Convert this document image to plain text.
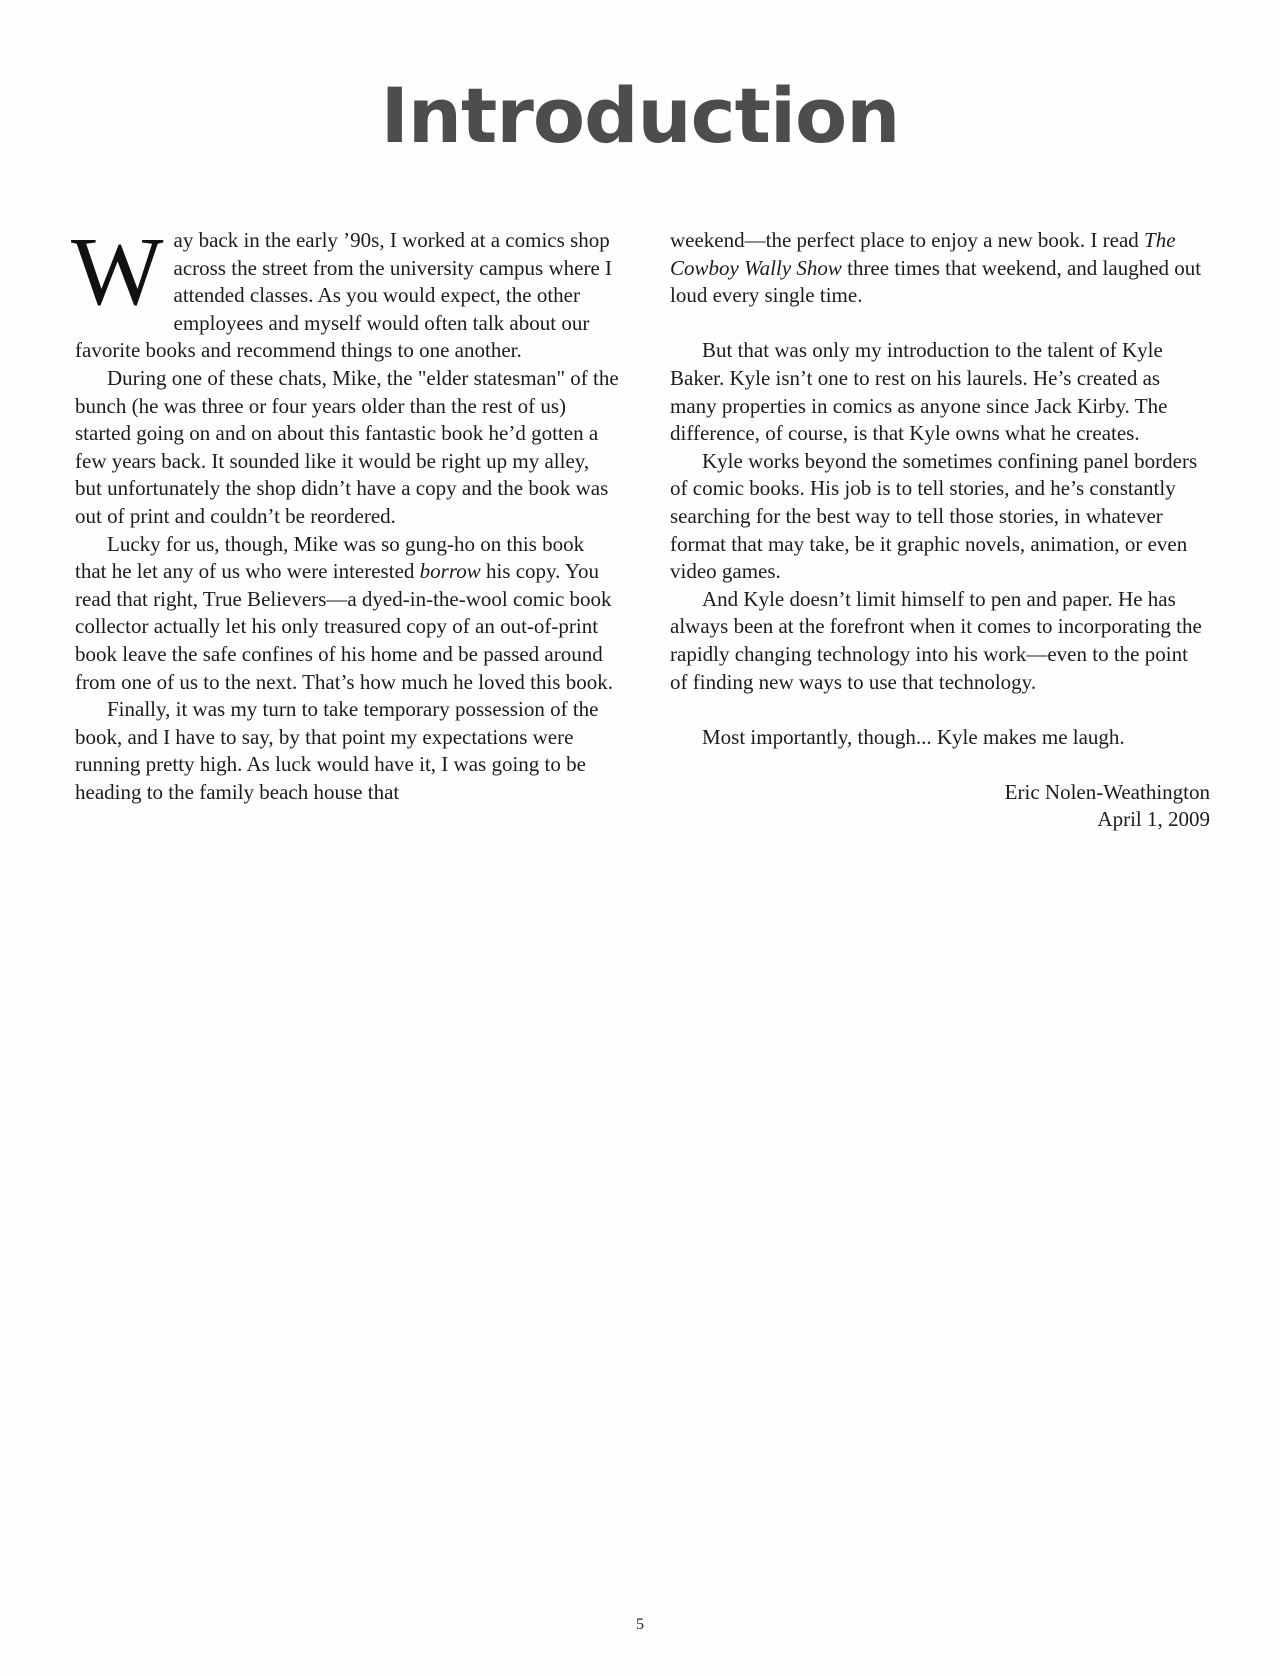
Introduction

Way back in the early ’90s, I worked at a comics shop across the street from the university campus where I attended classes. As you would expect, the other employees and myself would often talk about our favorite books and recommend things to one another.

During one of these chats, Mike, the "elder statesman" of the bunch (he was three or four years older than the rest of us) started going on and on about this fantastic book he’d gotten a few years back. It sounded like it would be right up my alley, but unfortunately the shop didn’t have a copy and the book was out of print and couldn’t be reordered.

Lucky for us, though, Mike was so gung-ho on this book that he let any of us who were interested borrow his copy. You read that right, True Believers—a dyed-in-the-wool comic book collector actually let his only treasured copy of an out-of-print book leave the safe confines of his home and be passed around from one of us to the next. That’s how much he loved this book.

Finally, it was my turn to take temporary possession of the book, and I have to say, by that point my expectations were running pretty high. As luck would have it, I was going to be heading to the family beach house that

weekend—the perfect place to enjoy a new book. I read The Cowboy Wally Show three times that weekend, and laughed out loud every single time.

But that was only my introduction to the talent of Kyle Baker. Kyle isn’t one to rest on his laurels. He’s created as many properties in comics as anyone since Jack Kirby. The difference, of course, is that Kyle owns what he creates.

Kyle works beyond the sometimes confining panel borders of comic books. His job is to tell stories, and he’s constantly searching for the best way to tell those stories, in whatever format that may take, be it graphic novels, animation, or even video games.

And Kyle doesn’t limit himself to pen and paper. He has always been at the forefront when it comes to incorporating the rapidly changing technology into his work—even to the point of finding new ways to use that technology.

Most importantly, though... Kyle makes me laugh.

Eric Nolen-Weathington
April 1, 2009
5
